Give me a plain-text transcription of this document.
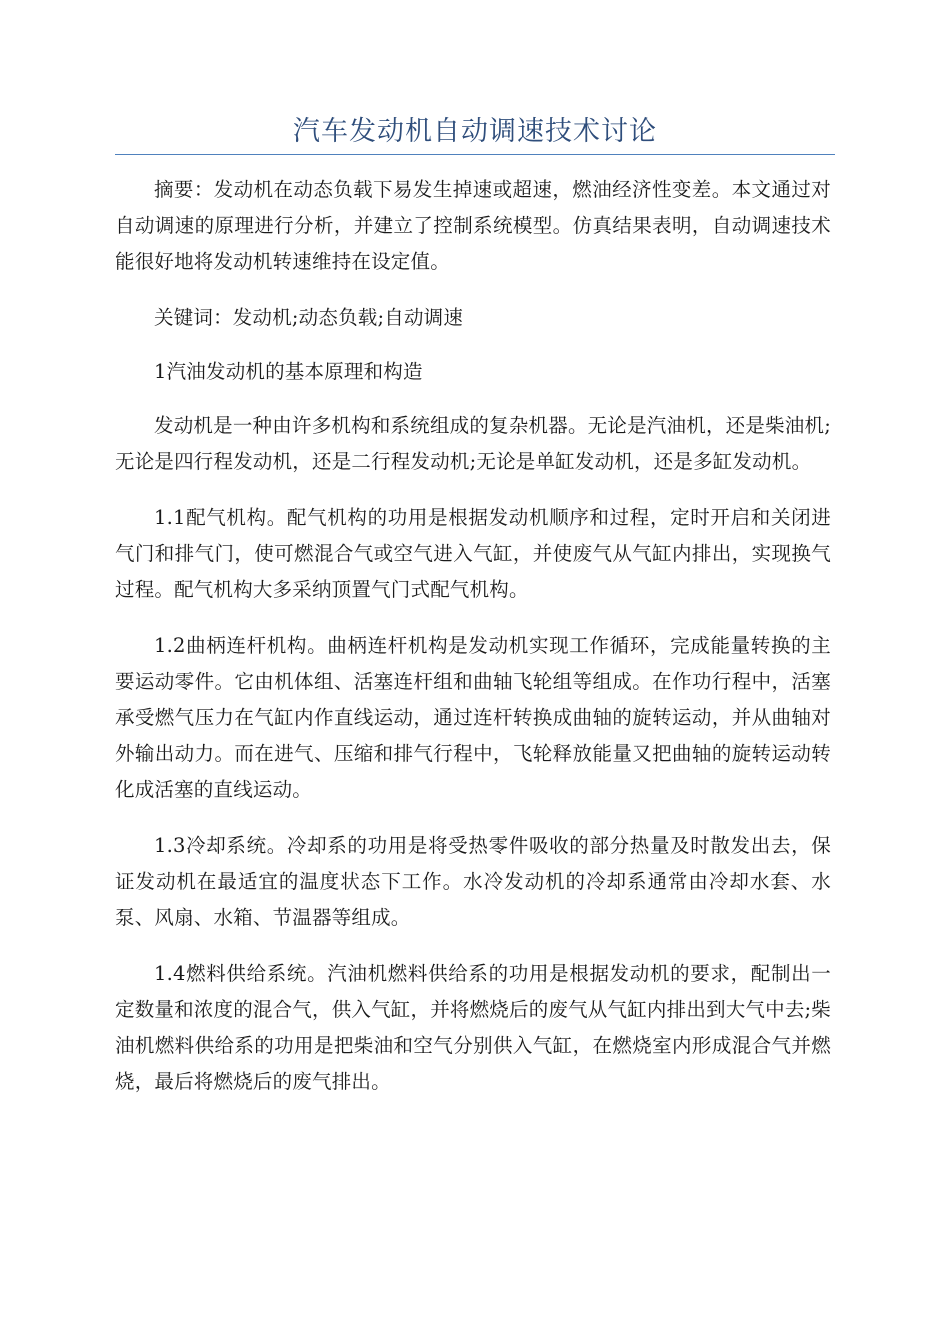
汽车发动机自动调速技术讨论

摘要：发动机在动态负载下易发生掉速或超速，燃油经济性变差。本文通过对自动调速的原理进行分析，并建立了控制系统模型。仿真结果表明，自动调速技术能很好地将发动机转速维持在设定值。

关键词：发动机;动态负载;自动调速

1汽油发动机的基本原理和构造

发动机是一种由许多机构和系统组成的复杂机器。无论是汽油机，还是柴油机;无论是四行程发动机，还是二行程发动机;无论是单缸发动机，还是多缸发动机。

1.1配气机构。配气机构的功用是根据发动机顺序和过程，定时开启和关闭进气门和排气门，使可燃混合气或空气进入气缸，并使废气从气缸内排出，实现换气过程。配气机构大多采纳顶置气门式配气机构。

1.2曲柄连杆机构。曲柄连杆机构是发动机实现工作循环，完成能量转换的主要运动零件。它由机体组、活塞连杆组和曲轴飞轮组等组成。在作功行程中，活塞承受燃气压力在气缸内作直线运动，通过连杆转换成曲轴的旋转运动，并从曲轴对外输出动力。而在进气、压缩和排气行程中，飞轮释放能量又把曲轴的旋转运动转化成活塞的直线运动。

1.3冷却系统。冷却系的功用是将受热零件吸收的部分热量及时散发出去，保证发动机在最适宜的温度状态下工作。水冷发动机的冷却系通常由冷却水套、水泵、风扇、水箱、节温器等组成。

1.4燃料供给系统。汽油机燃料供给系的功用是根据发动机的要求，配制出一定数量和浓度的混合气，供入气缸，并将燃烧后的废气从气缸内排出到大气中去;柴油机燃料供给系的功用是把柴油和空气分别供入气缸，在燃烧室内形成混合气并燃烧，最后将燃烧后的废气排出。
